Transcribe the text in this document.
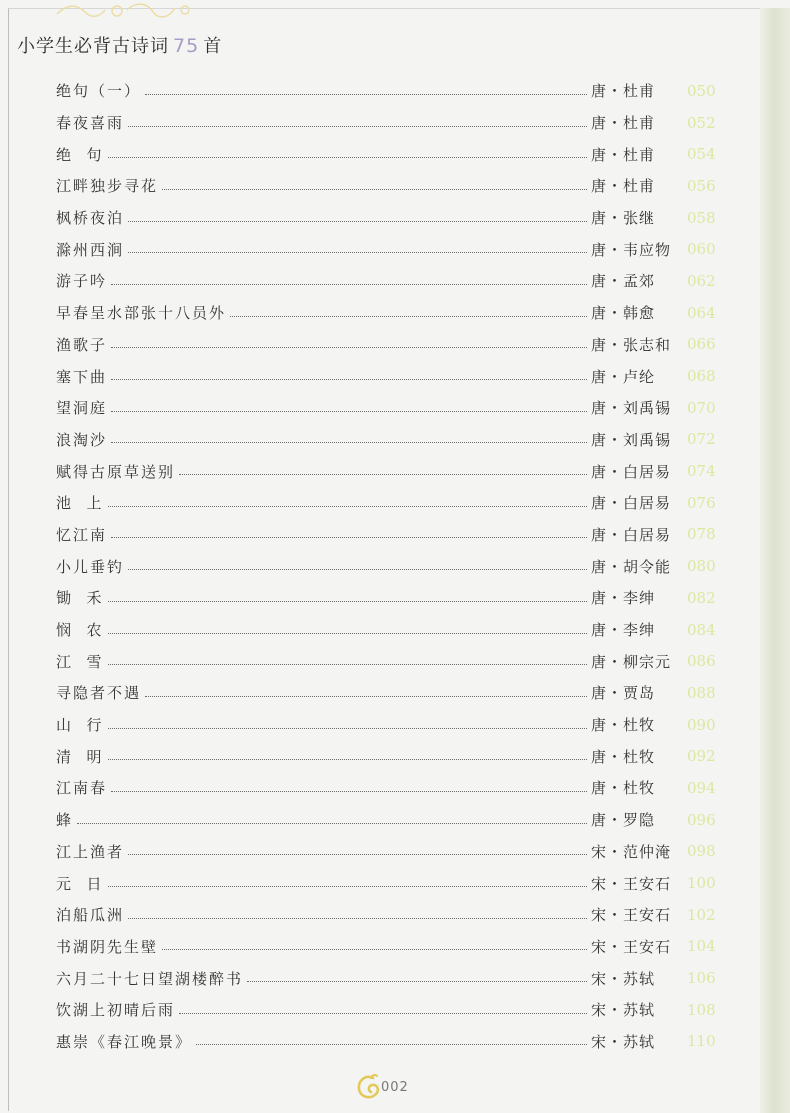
小学生必背古诗词 75 首
绝句（一）	唐・杜甫	050
春夜喜雨	唐・杜甫	052
绝  句	唐・杜甫	054
江畔独步寻花	唐・杜甫	056
枫桥夜泊	唐・张继	058
滁州西涧	唐・韦应物	060
游子吟	唐・孟郊	062
早春呈水部张十八员外	唐・韩愈	064
渔歌子	唐・张志和	066
塞下曲	唐・卢纶	068
望洞庭	唐・刘禹锡	070
浪淘沙	唐・刘禹锡	072
赋得古原草送别	唐・白居易	074
池  上	唐・白居易	076
忆江南	唐・白居易	078
小儿垂钓	唐・胡令能	080
锄  禾	唐・李绅	082
悯  农	唐・李绅	084
江  雪	唐・柳宗元	086
寻隐者不遇	唐・贾岛	088
山  行	唐・杜牧	090
清  明	唐・杜牧	092
江南春	唐・杜牧	094
蜂	唐・罗隐	096
江上渔者	宋・范仲淹	098
元  日	宋・王安石	100
泊船瓜洲	宋・王安石	102
书湖阴先生壁	宋・王安石	104
六月二十七日望湖楼醉书	宋・苏轼	106
饮湖上初晴后雨	宋・苏轼	108
惠崇《春江晚景》	宋・苏轼	110
002
